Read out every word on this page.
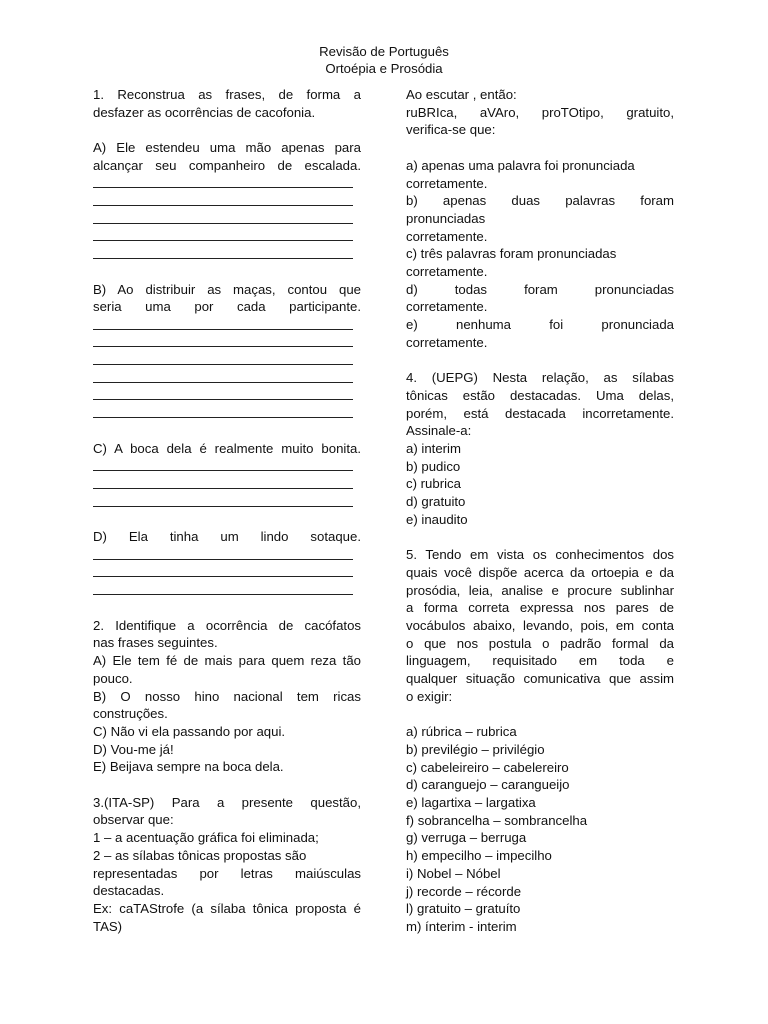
Revisão de Português
Ortoépia e Prosódia

1. Reconstrua as frases, de forma a

desfazer as ocorrências de cacofonia.

A) Ele estendeu uma mão apenas para

alcançar seu companheiro de escalada.

B) Ao distribuir as maças, contou que

seria uma por cada participante.

C) A boca dela é realmente muito bonita.

D) Ela tinha um lindo sotaque.

2. Identifique a ocorrência de cacófatos

nas frases seguintes.

A) Ele tem fé de mais para quem reza tão

pouco.

B) O nosso hino nacional tem ricas

construções.

C) Não vi ela passando por aqui.

D) Vou-me já!

E) Beijava sempre na boca dela.

3.(ITA-SP) Para a presente questão,

observar que:

1 – a acentuação gráfica foi eliminada;

2 – as sílabas tônicas propostas são

representadas por letras maiúsculas

destacadas.

Ex: caTAStrofe (a sílaba tônica proposta é

TAS)

Ao escutar , então:

ruBRIca, aVAro, proTOtipo, gratuito,

verifica-se que:

a) apenas uma palavra foi pronunciada

corretamente.

b) apenas duas palavras foram

pronunciadas

corretamente.

c) três palavras foram pronunciadas

corretamente.

d) todas foram pronunciadas

corretamente.

e) nenhuma foi pronunciada

corretamente.

4. (UEPG) Nesta relação, as sílabas

tônicas estão destacadas. Uma delas,

porém, está destacada incorretamente.

Assinale-a:

a) interim

b) pudico

c) rubrica

d) gratuito

e) inaudito

5. Tendo em vista os conhecimentos dos

quais você dispõe acerca da ortoepia e da

prosódia, leia, analise e procure sublinhar

a forma correta expressa nos pares de

vocábulos abaixo, levando, pois, em conta

o que nos postula o padrão formal da

linguagem, requisitado em toda e

qualquer situação comunicativa que assim

o exigir:

a) rúbrica – rubrica

b) previlégio – privilégio

c) cabeleireiro – cabelereiro

d) caranguejo – carangueijo

e) lagartixa – largatixa

f) sobrancelha – sombrancelha

g) verruga – berruga

h) empecilho – impecilho

i) Nobel – Nóbel

j) recorde – récorde

l) gratuito – gratuíto

m) ínterim - interim
